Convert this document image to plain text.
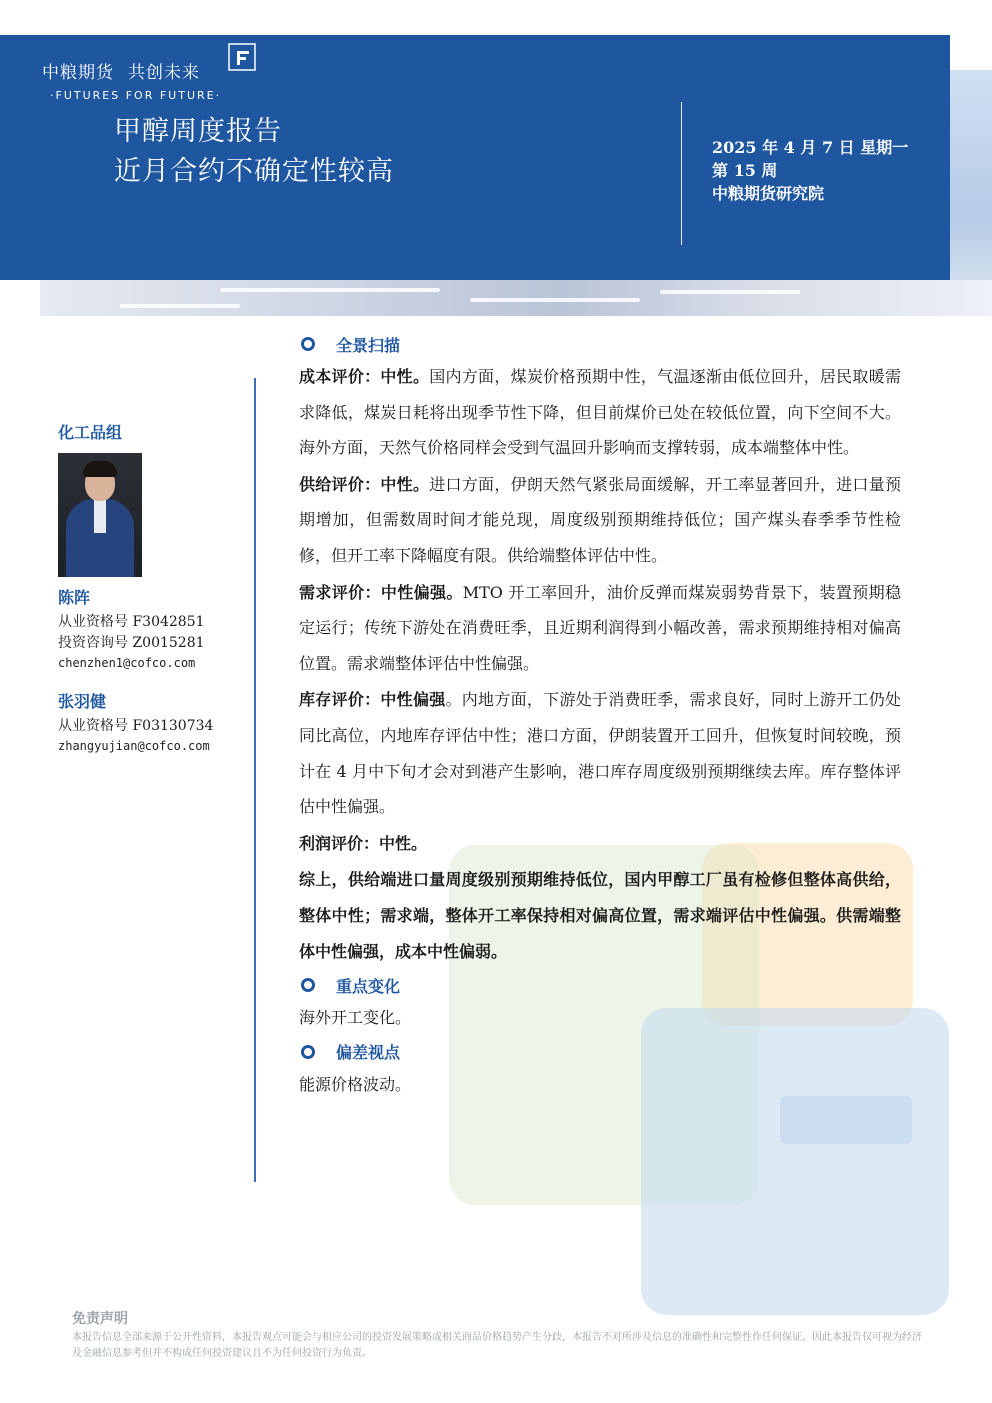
中粮期货 共创未来
·FUTURES FOR FUTURE·
甲醇周度报告
近月合约不确定性较高
2025 年 4 月 7 日 星期一
第 15 周
中粮期货研究院
化工品组
陈阵
从业资格号 F3042851
投资咨询号 Z0015281
chenzhen1@cofco.com
张羽健
从业资格号 F03130734
zhangyujian@cofco.com
全景扫描
成本评价：中性。国内方面，煤炭价格预期中性，气温逐渐由低位回升，居民取暖需求降低，煤炭日耗将出现季节性下降，但目前煤价已处在较低位置，向下空间不大。海外方面，天然气价格同样会受到气温回升影响而支撑转弱，成本端整体中性。
供给评价：中性。进口方面，伊朗天然气紧张局面缓解，开工率显著回升，进口量预期增加，但需数周时间才能兑现，周度级别预期维持低位；国产煤头春季季节性检修，但开工率下降幅度有限。供给端整体评估中性。
需求评价：中性偏强。MTO 开工率回升，油价反弹而煤炭弱势背景下，装置预期稳定运行；传统下游处在消费旺季，且近期利润得到小幅改善，需求预期维持相对偏高位置。需求端整体评估中性偏强。
库存评价：中性偏强。内地方面，下游处于消费旺季，需求良好，同时上游开工仍处同比高位，内地库存评估中性；港口方面，伊朗装置开工回升，但恢复时间较晚，预计在 4 月中下旬才会对到港产生影响，港口库存周度级别预期继续去库。库存整体评估中性偏强。
利润评价：中性。
综上，供给端进口量周度级别预期维持低位，国内甲醇工厂虽有检修但整体高供给，整体中性；需求端，整体开工率保持相对偏高位置，需求端评估中性偏强。供需端整体中性偏强，成本中性偏弱。
重点变化
海外开工变化。
偏差视点
能源价格波动。
免责声明
本报告信息全部来源于公开性资料，本报告观点可能会与相应公司的投资发展策略或相关商品价格趋势产生分歧，本报告不对所涉及信息的准确性和完整性作任何保证。因此本报告仅可视为经济及金融信息参考但并不构成任何投资建议且不为任何投资行为负责。
